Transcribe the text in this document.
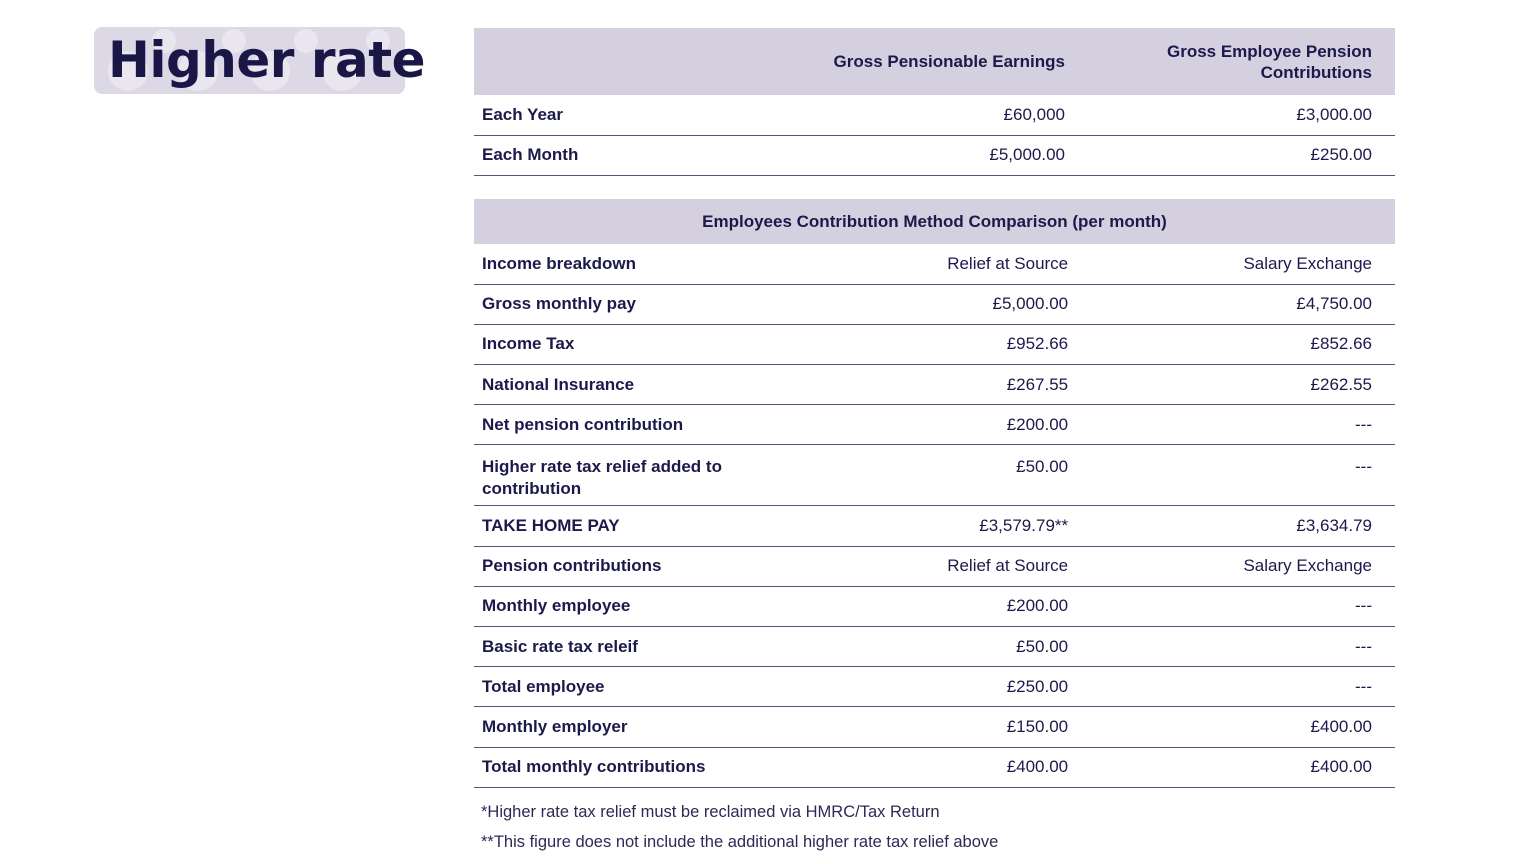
Higher rate
		Gross Pensionable Earnings	Gross Employee Pension Contributions
Each Year	£60,000	£3,000.00
Each Month	£5,000.00	£250.00
Employees Contribution Method Comparison (per month)		
Income breakdown	Relief at Source	Salary Exchange
Gross monthly pay	£5,000.00	£4,750.00
Income Tax	£952.66	£852.66
National Insurance	£267.55	£262.55
Net pension contribution	£200.00	---

Higher rate tax relief added to contribution	£50.00	---
TAKE HOME PAY	£3,579.79**	£3,634.79
Pension contributions	Relief at Source	Salary Exchange
Monthly employee	£200.00	---
Basic rate tax releif	£50.00	---
Total employee	£250.00	---
Monthly employer	£150.00	£400.00
Total monthly contributions	£400.00	£400.00
*Higher rate tax relief must be reclaimed via HMRC/Tax Return
**This figure does not include the additional higher rate tax relief above
